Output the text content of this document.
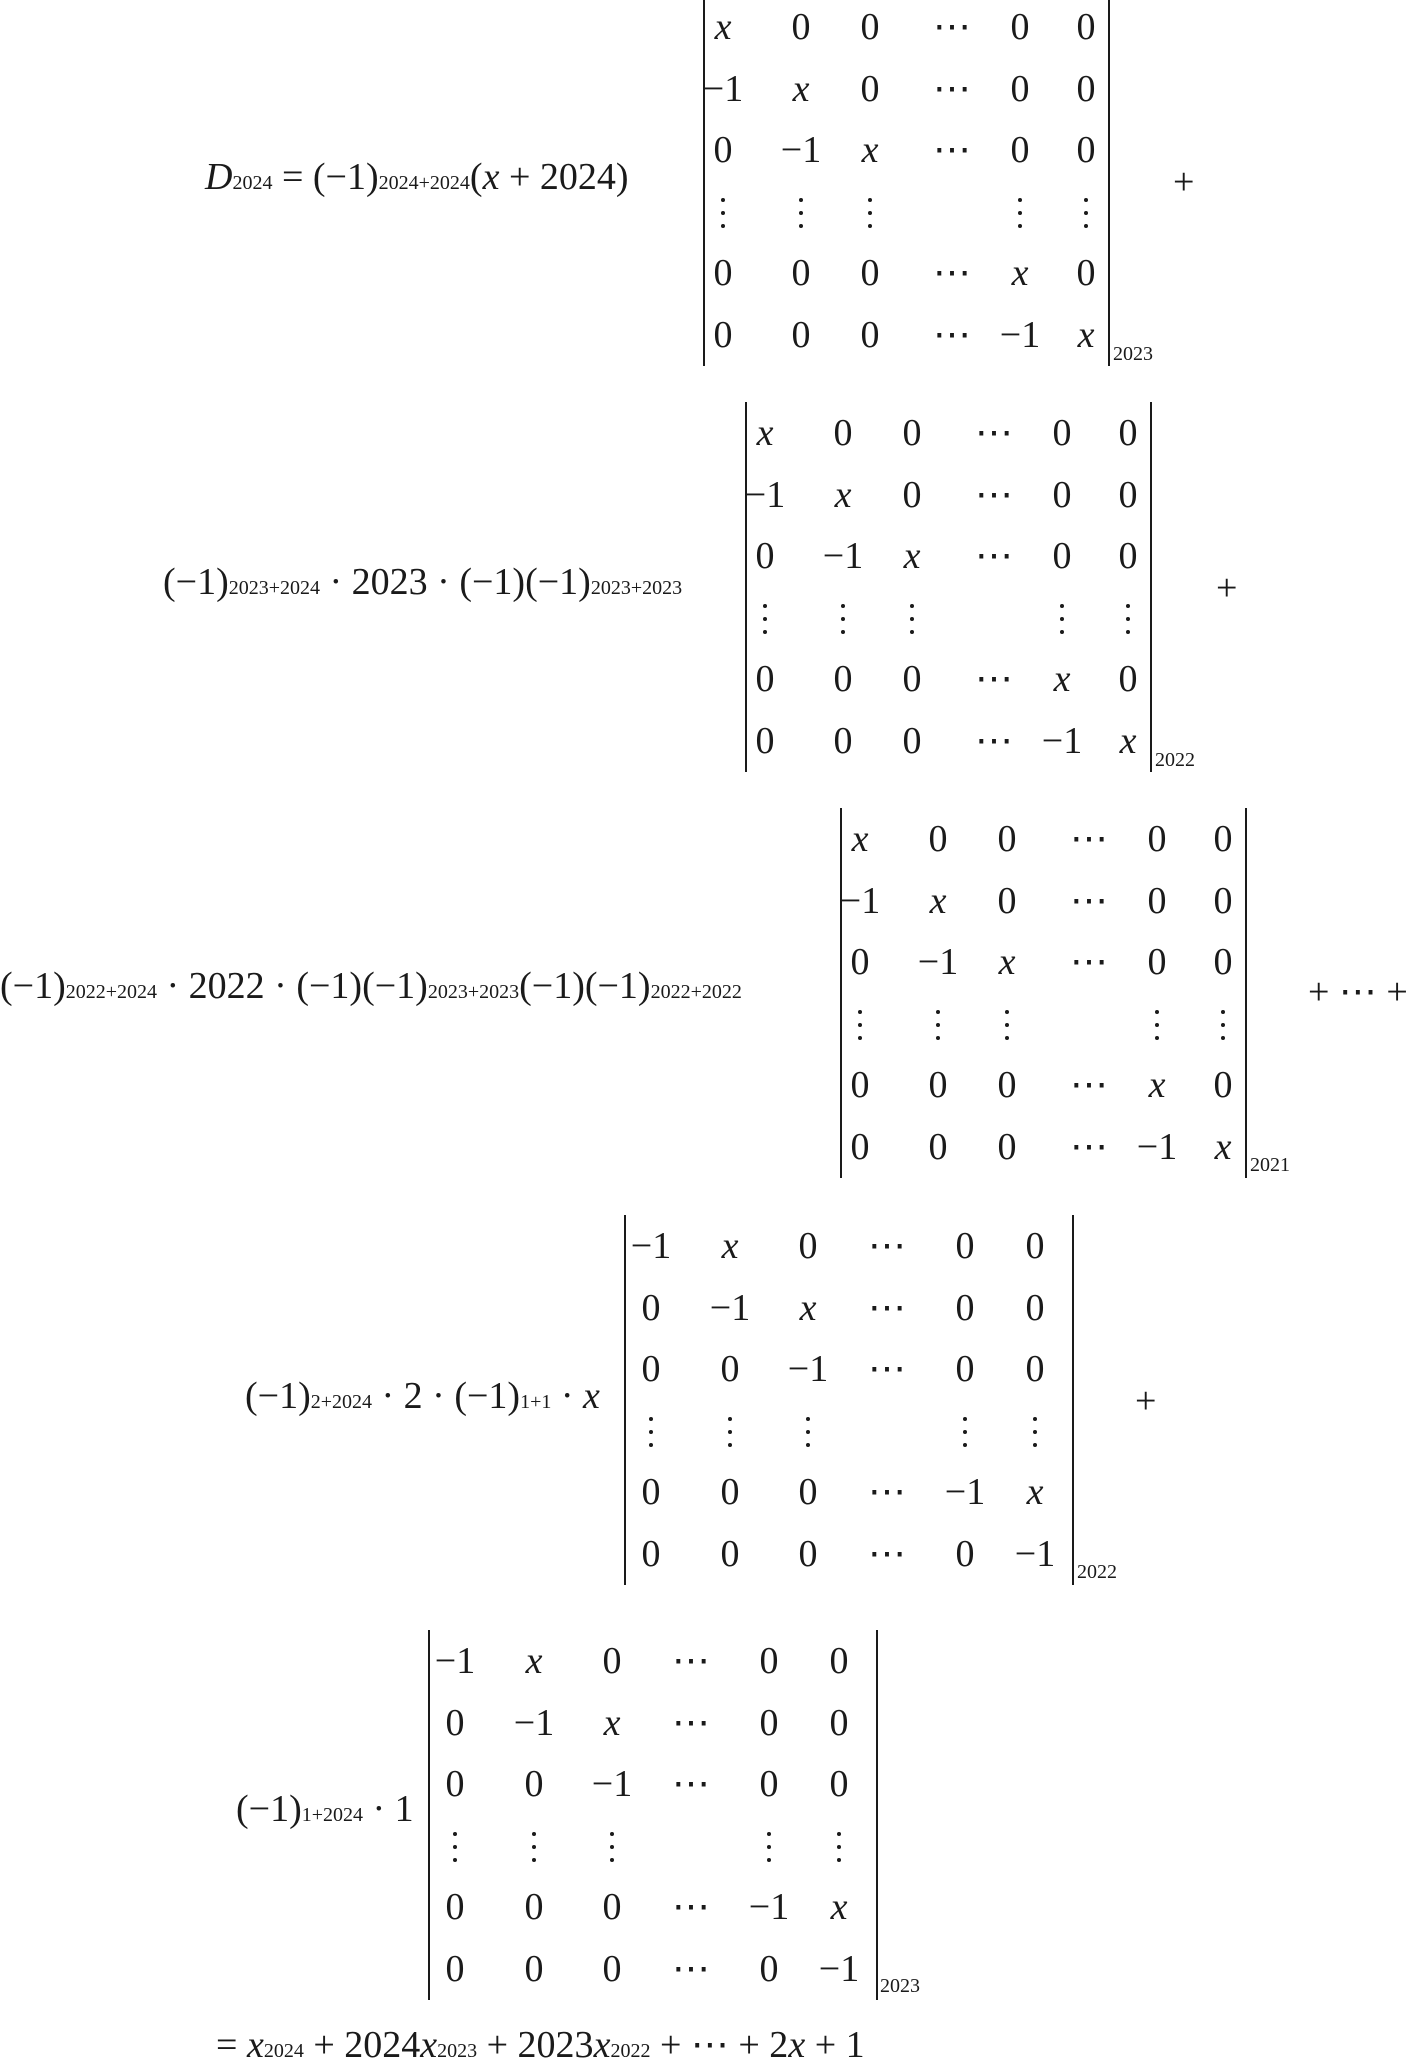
D 2024 = (−1) 2024+2024 ( x + 2024)
x 0 0 ⋯ 0 0
−1 x 0 ⋯ 0 0
0 −1 x ⋯ 0 0
0 0 0 ⋯ x 0
0 0 0 ⋯ −1 x 2023
+
(−1) 2023+2024 · 2023 · (−1)(−1) 2023+2023
x 0 0 ⋯ 0 0
−1 x 0 ⋯ 0 0
0 −1 x ⋯ 0 0
0 0 0 ⋯ x 0
0 0 0 ⋯ −1 x 2022
+
(−1) 2022+2024 · 2022 · (−1)(−1) 2023+2023 (−1)(−1) 2022+2022
x 0 0 ⋯ 0 0
−1 x 0 ⋯ 0 0
0 −1 x ⋯ 0 0
0 0 0 ⋯ x 0
0 0 0 ⋯ −1 x 2021
+ ⋯ +
(−1) 2+2024 · 2 · (−1) 1+1 · x
−1 x 0 ⋯ 0 0
0 −1 x ⋯ 0 0
0 0 −1 ⋯ 0 0
0 0 0 ⋯ −1 x
0 0 0 ⋯ 0 −1 2022
+
(−1) 1+2024 · 1
−1 x 0 ⋯ 0 0
0 −1 x ⋯ 0 0
0 0 −1 ⋯ 0 0
0 0 0 ⋯ −1 x
0 0 0 ⋯ 0 −1 2023
= x 2024 + 2024 x 2023 + 2023 x 2022 + ⋯ + 2 x + 1
